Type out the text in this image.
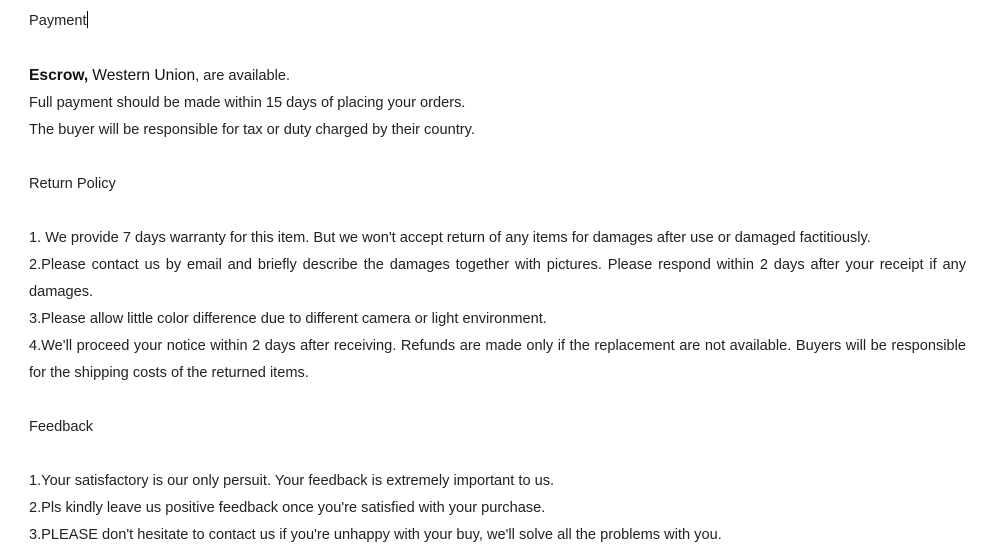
Payment
Escrow, Western Union, are available.
Full payment should be made within 15 days of placing your orders.
The buyer will be responsible for tax or duty charged by their country.
Return Policy
1. We provide 7 days warranty for this item. But we won't accept return of any items for damages after use or damaged factitiously.
2.Please contact us by email and briefly describe the damages together with pictures. Please respond within 2 days after your receipt if any damages.
3.Please allow little color difference due to different camera or light environment.
4.We'll proceed your notice within 2 days after receiving. Refunds are made only if the replacement are not available. Buyers will be responsible for the shipping costs of the returned items.
Feedback
1.Your satisfactory is our only persuit. Your feedback is extremely important to us.
2.Pls kindly leave us positive feedback once you're satisfied with your purchase.
3.PLEASE don't hesitate to contact us if you're unhappy with your buy, we'll solve all the problems with you.
